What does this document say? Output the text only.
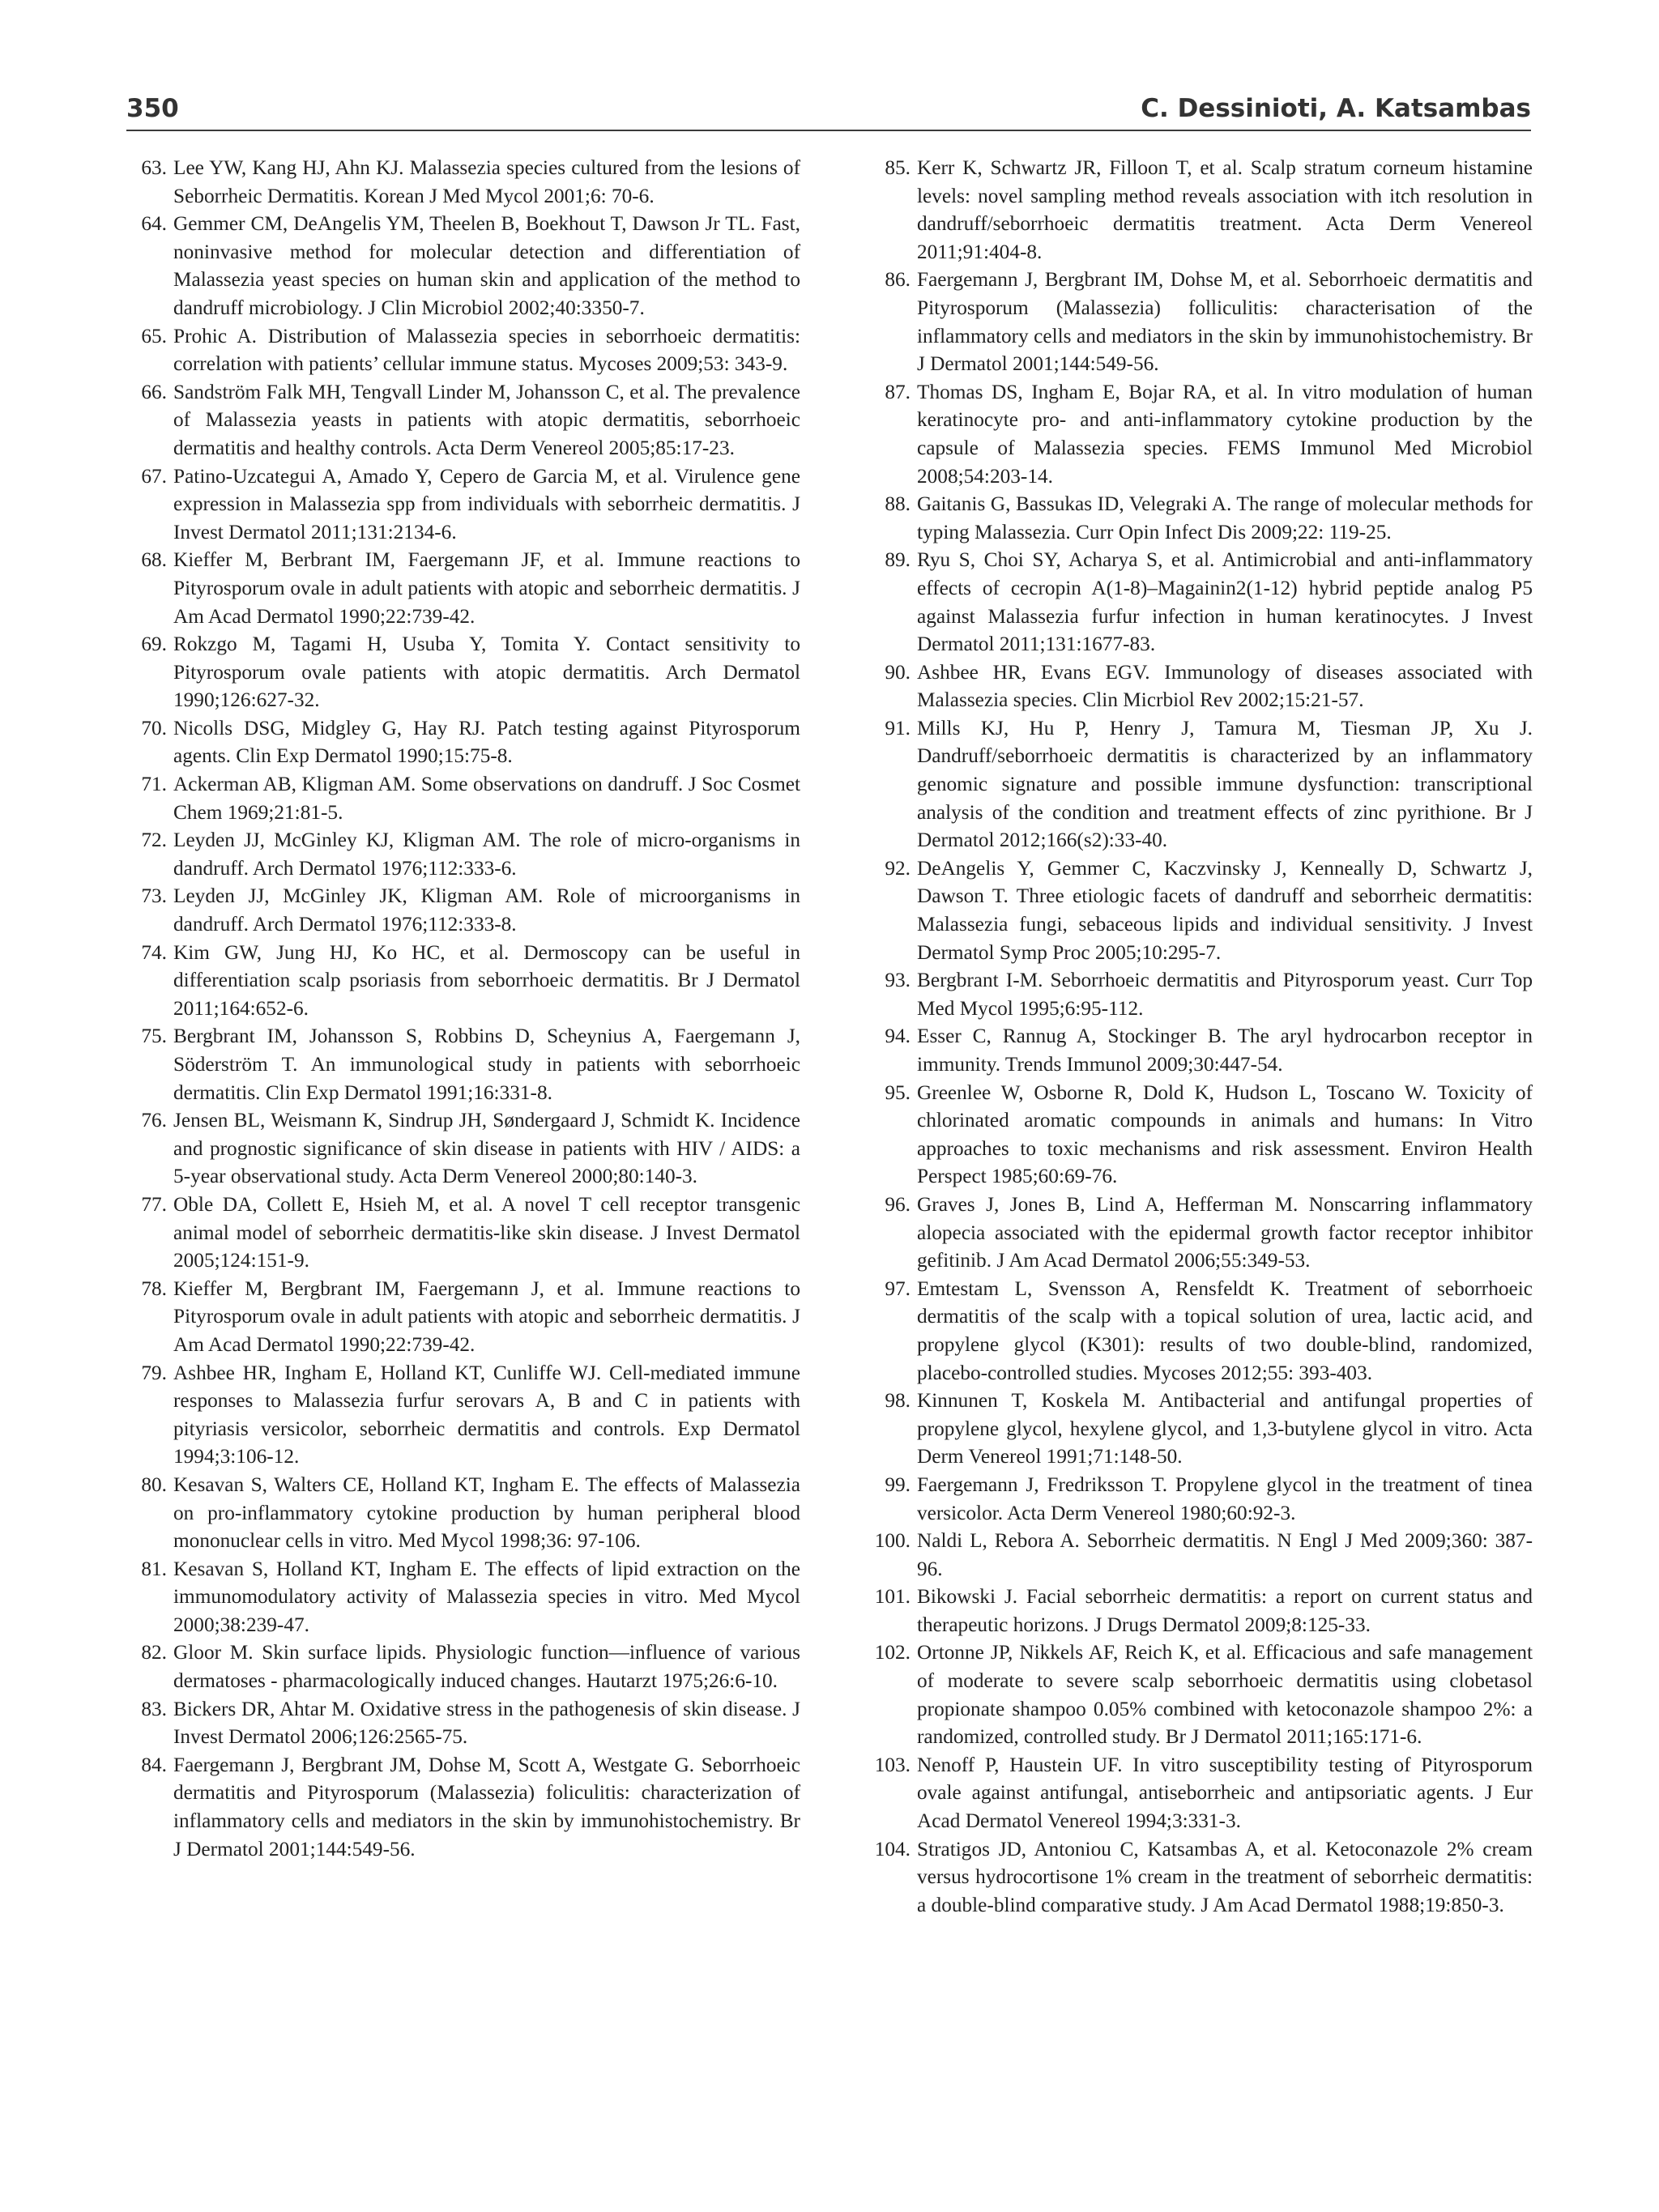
350	C. Dessinioti, A. Katsambas
63. Lee YW, Kang HJ, Ahn KJ. Malassezia species cultured from the lesions of Seborrheic Dermatitis. Korean J Med Mycol 2001;6: 70-6.
64. Gemmer CM, DeAngelis YM, Theelen B, Boekhout T, Dawson Jr TL. Fast, noninvasive method for molecular detection and differentiation of Malassezia yeast species on human skin and application of the method to dandruff microbiology. J Clin Microbiol 2002;40:3350-7.
65. Prohic A. Distribution of Malassezia species in seborrhoeic dermatitis: correlation with patients’ cellular immune status. Mycoses 2009;53: 343-9.
66. Sandström Falk MH, Tengvall Linder M, Johansson C, et al. The prevalence of Malassezia yeasts in patients with atopic dermatitis, seborrhoeic dermatitis and healthy controls. Acta Derm Venereol 2005;85:17-23.
67. Patino-Uzcategui A, Amado Y, Cepero de Garcia M, et al. Virulence gene expression in Malassezia spp from individuals with seborrheic dermatitis. J Invest Dermatol 2011;131:2134-6.
68. Kieffer M, Berbrant IM, Faergemann JF, et al. Immune reactions to Pityrosporum ovale in adult patients with atopic and seborrheic dermatitis. J Am Acad Dermatol 1990;22:739-42.
69. Rokzgo M, Tagami H, Usuba Y, Tomita Y. Contact sensitivity to Pityrosporum ovale patients with atopic dermatitis. Arch Dermatol 1990;126:627-32.
70. Nicolls DSG, Midgley G, Hay RJ. Patch testing against Pityrosporum agents. Clin Exp Dermatol 1990;15:75-8.
71. Ackerman AB, Kligman AM. Some observations on dandruff. J Soc Cosmet Chem 1969;21:81-5.
72. Leyden JJ, McGinley KJ, Kligman AM. The role of micro-organisms in dandruff. Arch Dermatol 1976;112:333-6.
73. Leyden JJ, McGinley JK, Kligman AM. Role of microorganisms in dandruff. Arch Dermatol 1976;112:333-8.
74. Kim GW, Jung HJ, Ko HC, et al. Dermoscopy can be useful in differentiation scalp psoriasis from seborrhoeic dermatitis. Br J Dermatol 2011;164:652-6.
75. Bergbrant IM, Johansson S, Robbins D, Scheynius A, Faergemann J, Söderström T. An immunological study in patients with seborrhoeic dermatitis. Clin Exp Dermatol 1991;16:331-8.
76. Jensen BL, Weismann K, Sindrup JH, Søndergaard J, Schmidt K. Incidence and prognostic significance of skin disease in patients with HIV / AIDS: a 5-year observational study. Acta Derm Venereol 2000;80:140-3.
77. Oble DA, Collett E, Hsieh M, et al. A novel T cell receptor transgenic animal model of seborrheic dermatitis-like skin disease. J Invest Dermatol 2005;124:151-9.
78. Kieffer M, Bergbrant IM, Faergemann J, et al. Immune reactions to Pityrosporum ovale in adult patients with atopic and seborrheic dermatitis. J Am Acad Dermatol 1990;22:739-42.
79. Ashbee HR, Ingham E, Holland KT, Cunliffe WJ. Cell-mediated immune responses to Malassezia furfur serovars A, B and C in patients with pityriasis versicolor, seborrheic dermatitis and controls. Exp Dermatol 1994;3:106-12.
80. Kesavan S, Walters CE, Holland KT, Ingham E. The effects of Malassezia on pro-inflammatory cytokine production by human peripheral blood mononuclear cells in vitro. Med Mycol 1998;36: 97-106.
81. Kesavan S, Holland KT, Ingham E. The effects of lipid extraction on the immunomodulatory activity of Malassezia species in vitro. Med Mycol 2000;38:239-47.
82. Gloor M. Skin surface lipids. Physiologic function—influence of various dermatoses - pharmacologically induced changes. Hautarzt 1975;26:6-10.
83. Bickers DR, Ahtar M. Oxidative stress in the pathogenesis of skin disease. J Invest Dermatol 2006;126:2565-75.
84. Faergemann J, Bergbrant JM, Dohse M, Scott A, Westgate G. Seborrhoeic dermatitis and Pityrosporum (Malassezia) foliculitis: characterization of inflammatory cells and mediators in the skin by immunohistochemistry. Br J Dermatol 2001;144:549-56.
85. Kerr K, Schwartz JR, Filloon T, et al. Scalp stratum corneum histamine levels: novel sampling method reveals association with itch resolution in dandruff/seborrhoeic dermatitis treatment. Acta Derm Venereol 2011;91:404-8.
86. Faergemann J, Bergbrant IM, Dohse M, et al. Seborrhoeic dermatitis and Pityrosporum (Malassezia) folliculitis: characterisation of the inflammatory cells and mediators in the skin by immunohistochemistry. Br J Dermatol 2001;144:549-56.
87. Thomas DS, Ingham E, Bojar RA, et al. In vitro modulation of human keratinocyte pro- and anti-inflammatory cytokine production by the capsule of Malassezia species. FEMS Immunol Med Microbiol 2008;54:203-14.
88. Gaitanis G, Bassukas ID, Velegraki A. The range of molecular methods for typing Malassezia. Curr Opin Infect Dis 2009;22: 119-25.
89. Ryu S, Choi SY, Acharya S, et al. Antimicrobial and anti-inflammatory effects of cecropin A(1-8)–Magainin2(1-12) hybrid peptide analog P5 against Malassezia furfur infection in human keratinocytes. J Invest Dermatol 2011;131:1677-83.
90. Ashbee HR, Evans EGV. Immunology of diseases associated with Malassezia species. Clin Micrbiol Rev 2002;15:21-57.
91. Mills KJ, Hu P, Henry J, Tamura M, Tiesman JP, Xu J. Dandruff/seborrhoeic dermatitis is characterized by an inflammatory genomic signature and possible immune dysfunction: transcriptional analysis of the condition and treatment effects of zinc pyrithione. Br J Dermatol 2012;166(s2):33-40.
92. DeAngelis Y, Gemmer C, Kaczvinsky J, Kenneally D, Schwartz J, Dawson T. Three etiologic facets of dandruff and seborrheic dermatitis: Malassezia fungi, sebaceous lipids and individual sensitivity. J Invest Dermatol Symp Proc 2005;10:295-7.
93. Bergbrant I-M. Seborrhoeic dermatitis and Pityrosporum yeast. Curr Top Med Mycol 1995;6:95-112.
94. Esser C, Rannug A, Stockinger B. The aryl hydrocarbon receptor in immunity. Trends Immunol 2009;30:447-54.
95. Greenlee W, Osborne R, Dold K, Hudson L, Toscano W. Toxicity of chlorinated aromatic compounds in animals and humans: In Vitro approaches to toxic mechanisms and risk assessment. Environ Health Perspect 1985;60:69-76.
96. Graves J, Jones B, Lind A, Hefferman M. Nonscarring inflammatory alopecia associated with the epidermal growth factor receptor inhibitor gefitinib. J Am Acad Dermatol 2006;55:349-53.
97. Emtestam L, Svensson A, Rensfeldt K. Treatment of seborrhoeic dermatitis of the scalp with a topical solution of urea, lactic acid, and propylene glycol (K301): results of two double-blind, randomized, placebo-controlled studies. Mycoses 2012;55: 393-403.
98. Kinnunen T, Koskela M. Antibacterial and antifungal properties of propylene glycol, hexylene glycol, and 1,3-butylene glycol in vitro. Acta Derm Venereol 1991;71:148-50.
99. Faergemann J, Fredriksson T. Propylene glycol in the treatment of tinea versicolor. Acta Derm Venereol 1980;60:92-3.
100. Naldi L, Rebora A. Seborrheic dermatitis. N Engl J Med 2009;360: 387-96.
101. Bikowski J. Facial seborrheic dermatitis: a report on current status and therapeutic horizons. J Drugs Dermatol 2009;8:125-33.
102. Ortonne JP, Nikkels AF, Reich K, et al. Efficacious and safe management of moderate to severe scalp seborrhoeic dermatitis using clobetasol propionate shampoo 0.05% combined with ketoconazole shampoo 2%: a randomized, controlled study. Br J Dermatol 2011;165:171-6.
103. Nenoff P, Haustein UF. In vitro susceptibility testing of Pityrosporum ovale against antifungal, antiseborrheic and antipsoriatic agents. J Eur Acad Dermatol Venereol 1994;3:331-3.
104. Stratigos JD, Antoniou C, Katsambas A, et al. Ketoconazole 2% cream versus hydrocortisone 1% cream in the treatment of seborrheic dermatitis: a double-blind comparative study. J Am Acad Dermatol 1988;19:850-3.
